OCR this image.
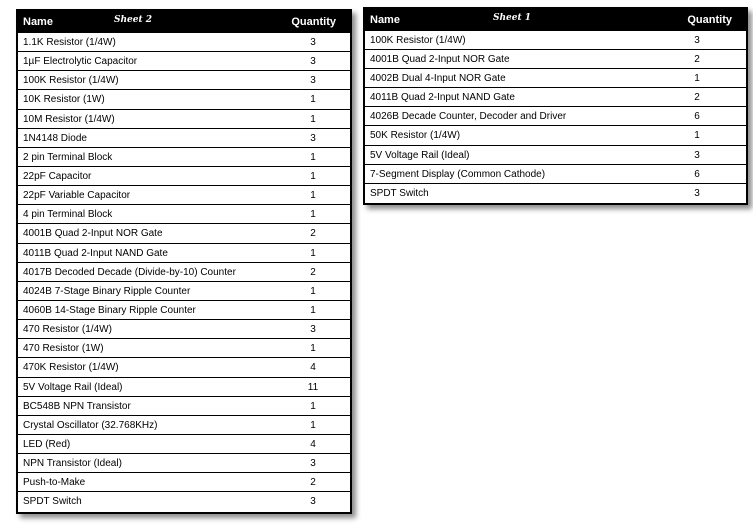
Name	Sheet 2	Quantity
1.1K Resistor (1/4W)	3
1µF Electrolytic Capacitor	3
100K Resistor (1/4W)	3
10K Resistor (1W)	1
10M Resistor (1/4W)	1
1N4148 Diode	3
2 pin Terminal Block	1
22pF Capacitor	1
22pF Variable Capacitor	1
4 pin Terminal Block	1
4001B Quad 2-Input NOR Gate	2
4011B Quad 2-Input NAND Gate	1
4017B Decoded Decade (Divide-by-10) Counter	2
4024B 7-Stage Binary Ripple Counter	1
4060B 14-Stage Binary Ripple Counter	1
470 Resistor (1/4W)	3
470 Resistor (1W)	1
470K Resistor (1/4W)	4
5V Voltage Rail (Ideal)	11
BC548B NPN Transistor	1
Crystal Oscillator (32.768KHz)	1
LED (Red)	4
NPN Transistor (Ideal)	3
Push-to-Make	2
SPDT Switch	3
Name	Sheet 1	Quantity
100K Resistor (1/4W)	3
4001B Quad 2-Input NOR Gate	2
4002B Dual 4-Input NOR Gate	1
4011B Quad 2-Input NAND Gate	2
4026B Decade Counter, Decoder and Driver	6
50K Resistor (1/4W)	1
5V Voltage Rail (Ideal)	3
7-Segment Display (Common Cathode)	6
SPDT Switch	3
